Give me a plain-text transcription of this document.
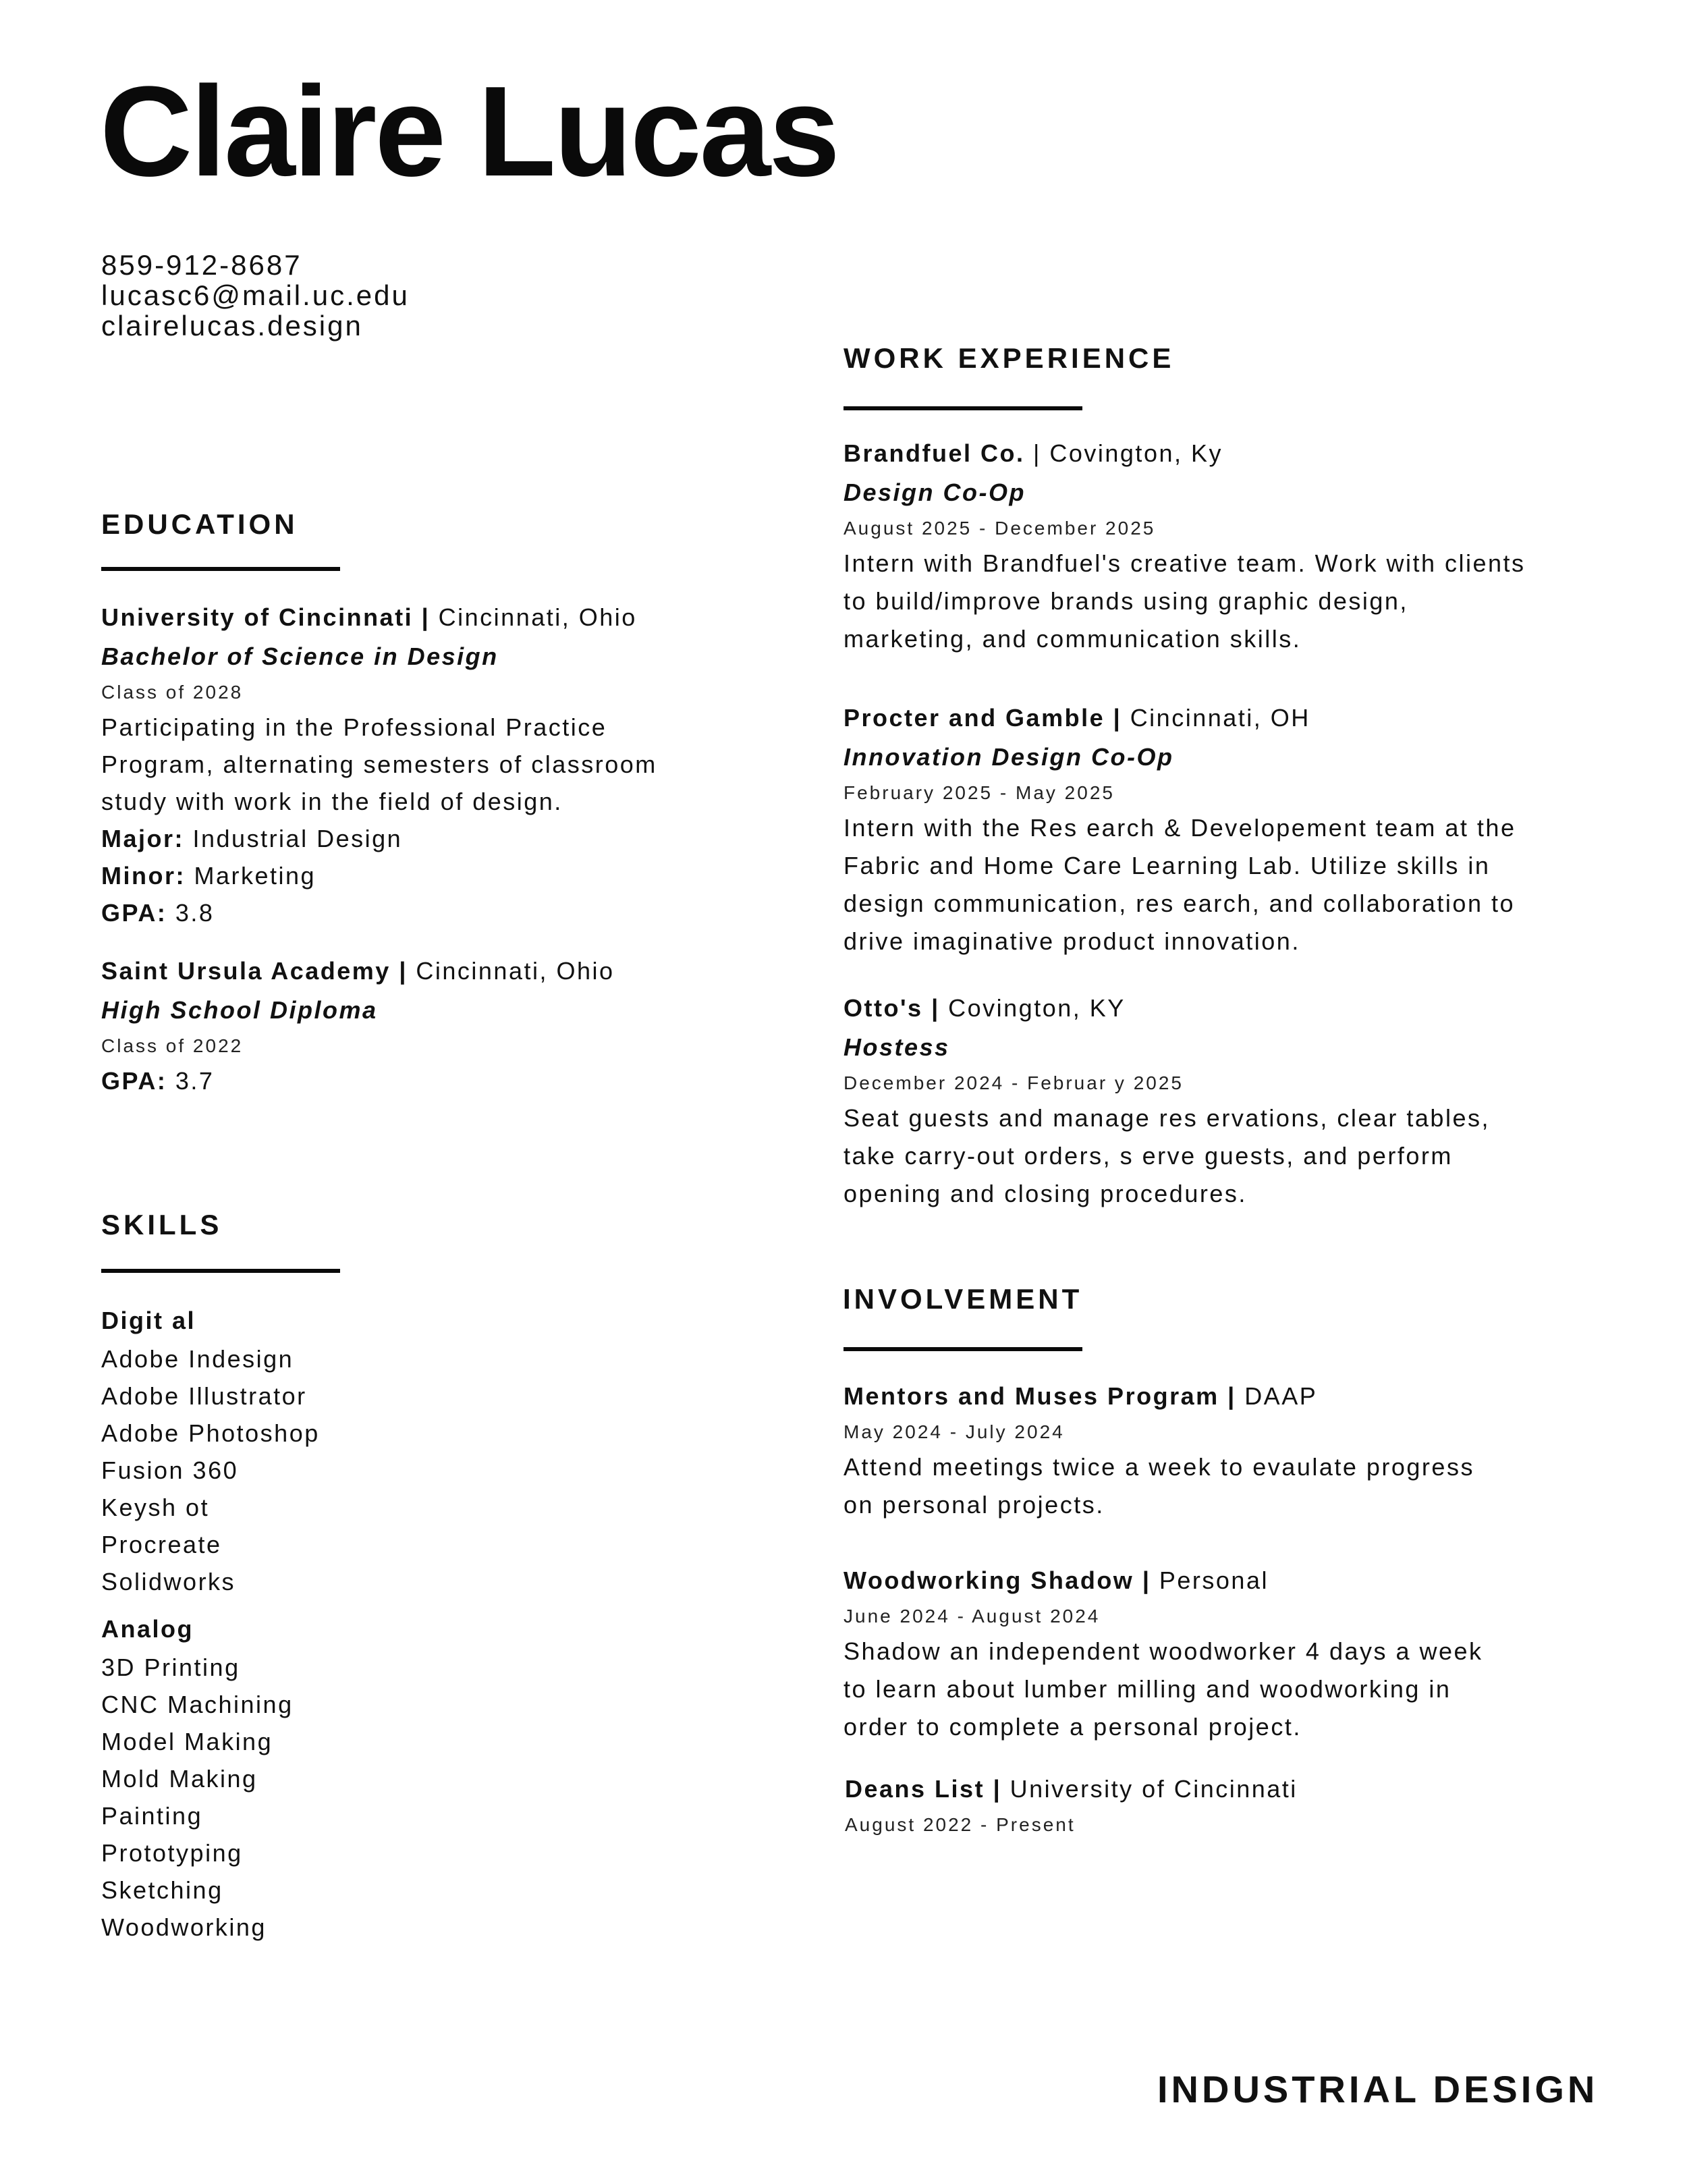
Claire Lucas
859-912-8687
lucasc6@mail.uc.edu
clairelucas.design
EDUCATION
University of Cincinnati | Cincinnati, Ohio
Bachelor of Science in Design
Class of 2028
Participating in the Professional Practice
Program, alternating semesters of classroom
study with work in the field of design.
Major: Industrial Design
Minor: Marketing
GPA: 3.8
Saint Ursula Academy | Cincinnati, Ohio
High School Diploma
Class of 2022
GPA: 3.7
SKILLS
Digit al
Adobe Indesign
Adobe Illustrator
Adobe Photoshop
Fusion 360
Keysh ot
Procreate
Solidworks
Analog
3D Printing
CNC Machining
Model Making
Mold Making
Painting
Prototyping
Sketching
Woodworking
WORK EXPERIENCE
Brandfuel Co. | Covington, Ky
Design Co-Op
August 2025 - December 2025
Intern with Brandfuel's creative team. Work with clients
to build/improve brands using graphic design,
marketing, and communication skills.
Procter and Gamble | Cincinnati, OH
Innovation Design Co-Op
February 2025 - May 2025
Intern with the Res earch & Developement team at the
Fabric and Home Care Learning Lab. Utilize skills in
design communication, res earch, and collaboration to
drive imaginative product innovation.
Otto's | Covington, KY
Hostess
December 2024 - Februar y 2025
Seat guests and manage res ervations, clear tables,
take carry-out orders, s erve guests, and perform
opening and closing procedures.
INVOLVEMENT
Mentors and Muses Program | DAAP
May 2024 - July 2024
Attend meetings twice a week to evaulate progress
on personal projects.
Woodworking Shadow | Personal
June 2024 - August 2024
Shadow an independent woodworker 4 days a week
to learn about lumber milling and woodworking in
order to complete a personal project.
Deans List | University of Cincinnati
August 2022 - Present
INDUSTRIAL DESIGN
